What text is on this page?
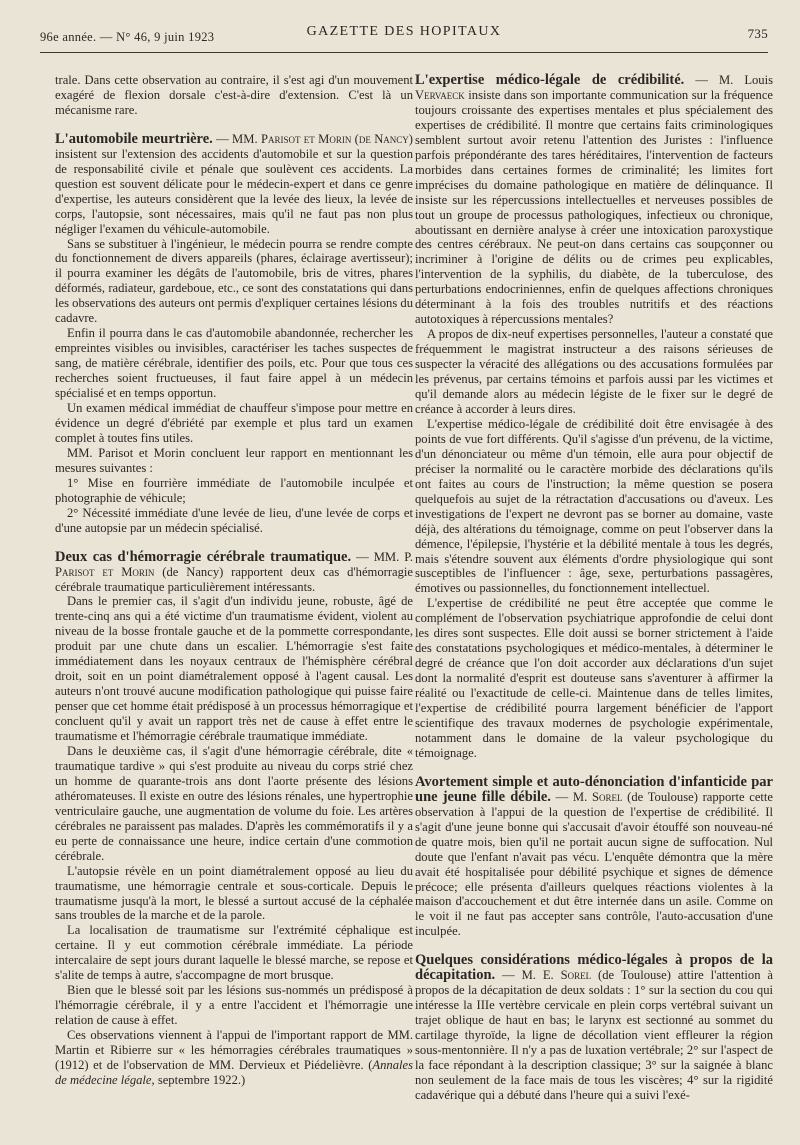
96e année. — N° 46, 9 juin 1923	GAZETTE DES HOPITAUX	735

trale. Dans cette observation au contraire, il s'est agi d'un mouvement exagéré de flexion dorsale c'est-à-dire d'extension. C'est là un mécanisme rare.

L'automobile meurtrière. — MM. Parisot et Morin (de Nancy) insistent sur l'extension des accidents d'automobile et sur la question de responsabilité civile et pénale que soulèvent ces accidents. La question est souvent délicate pour le médecin-expert et dans ce genre d'expertise, les auteurs considèrent que la levée des lieux, la levée de corps, l'autopsie, sont nécessaires, mais qu'il ne faut pas non plus négliger l'examen du véhicule-automobile.

Sans se substituer à l'ingénieur, le médecin pourra se rendre compte du fonctionnement de divers appareils (phares, éclairage avertisseur); il pourra examiner les dégâts de l'automobile, bris de vitres, phares déformés, radiateur, gardeboue, etc., ce sont des constatations qui dans les observations des auteurs ont permis d'expliquer certaines lésions du cadavre.

Enfin il pourra dans le cas d'automobile abandonnée, rechercher les empreintes visibles ou invisibles, caractériser les taches suspectes de sang, de matière cérébrale, identifier des poils, etc. Pour que tous ces recherches soient fructueuses, il faut faire appel à un médecin spécialisé et en temps opportun.

Un examen médical immédiat de chauffeur s'impose pour mettre en évidence un degré d'ébriété par exemple et plus tard un examen complet à toutes fins utiles.

MM. Parisot et Morin concluent leur rapport en mentionnant les mesures suivantes :

1° Mise en fourrière immédiate de l'automobile inculpée et photographie de véhicule;

2° Nécessité immédiate d'une levée de lieu, d'une levée de corps et d'une autopsie par un médecin spécialisé.

Deux cas d'hémorragie cérébrale traumatique. — MM. P. Parisot et Morin (de Nancy) rapportent deux cas d'hémorragie cérébrale traumatique particulièrement intéressants.

Dans le premier cas, il s'agit d'un individu jeune, robuste, âgé de trente-cinq ans qui a été victime d'un traumatisme évident, violent au niveau de la bosse frontale gauche et de la pommette correspondante, produit par une chute dans un escalier. L'hémorragie s'est faite immédiatement dans les noyaux centraux de l'hémisphère cérébral droit, soit en un point diamétralement opposé à l'agent causal. Les auteurs n'ont trouvé aucune modification pathologique qui puisse faire penser que cet homme était prédisposé à un processus hémorragique et concluent qu'il y avait un rapport très net de cause à effet entre le traumatisme et l'hémorragie cérébrale traumatique immédiate.

Dans le deuxième cas, il s'agit d'une hémorragie cérébrale, dite « traumatique tardive » qui s'est produite au niveau du corps strié chez un homme de quarante-trois ans dont l'aorte présente des lésions athéromateuses. Il existe en outre des lésions rénales, une hypertrophie ventriculaire gauche, une augmentation de volume du foie. Les artères cérébrales ne paraissent pas malades. D'après les commémoratifs il y a eu perte de connaissance une heure, indice certain d'une commotion cérébrale.

L'autopsie révèle en un point diamétralement opposé au lieu du traumatisme, une hémorragie centrale et sous-corticale. Depuis le traumatisme jusqu'à la mort, le blessé a surtout accusé de la céphalée sans troubles de la marche et de la parole.

La localisation de traumatisme sur l'extrémité céphalique est certaine. Il y eut commotion cérébrale immédiate. La période intercalaire de sept jours durant laquelle le blessé marche, se repose et s'alite de temps à autre, s'accompagne de mort brusque.

Bien que le blessé soit par les lésions sus-nommés un prédisposé à l'hémorragie cérébrale, il y a entre l'accident et l'hémorragie une relation de cause à effet.

Ces observations viennent à l'appui de l'important rapport de MM. Martin et Ribierre sur « les hémorragies cérébrales traumatiques » (1912) et de l'observation de MM. Dervieux et Piédelièvre. (Annales de médecine légale, septembre 1922.)

L'expertise médico-légale de crédibilité. — M. Louis Vervaeck insiste dans son importante communication sur la fréquence toujours croissante des expertises mentales et plus spécialement des expertises de crédibilité. Il montre que certains faits criminologiques semblent surtout avoir retenu l'attention des Juristes : l'influence parfois prépondérante des tares héréditaires, l'intervention de facteurs morbides dans certaines formes de criminalité; les limites fort imprécises du domaine pathologique en matière de délinquance. Il insiste sur les répercussions intellectuelles et nerveuses possibles de tout un groupe de processus pathologiques, infectieux ou chronique, aboutissant en dernière analyse à créer une intoxication paroxystique des centres cérébraux. Ne peut-on dans certains cas soupçonner ou incriminer à l'origine de délits ou de crimes peu explicables, l'intervention de la syphilis, du diabète, de la tuberculose, des perturbations endocriniennes, enfin de quelques affections chroniques déterminant à la fois des troubles nutritifs et des réactions autotoxiques à répercussions mentales?

A propos de dix-neuf expertises personnelles, l'auteur a constaté que fréquemment le magistrat instructeur a des raisons sérieuses de suspecter la véracité des allégations ou des accusations formulées par les prévenus, par certains témoins et parfois aussi par les victimes et qu'il demande alors au médecin légiste de le fixer sur le degré de créance à accorder à leurs dires.

L'expertise médico-légale de crédibilité doit être envisagée à des points de vue fort différents. Qu'il s'agisse d'un prévenu, de la victime, d'un dénonciateur ou même d'un témoin, elle aura pour objectif de préciser la normalité ou le caractère morbide des déclarations qu'ils ont faites au cours de l'instruction; la même question se posera quelquefois au sujet de la rétractation d'accusations ou d'aveux. Les investigations de l'expert ne devront pas se borner au domaine, vaste déjà, des altérations du témoignage, comme on peut l'observer dans la démence, l'épilepsie, l'hystérie et la débilité mentale à tous les degrés, mais s'étendre souvent aux éléments d'ordre physiologique qui sont susceptibles de l'influencer : âge, sexe, perturbations passagères, émotives ou passionnelles, du fonctionnement intellectuel.

L'expertise de crédibilité ne peut être acceptée que comme le complément de l'observation psychiatrique approfondie de celui dont les dires sont suspectes. Elle doit aussi se borner strictement à l'aide des constatations psychologiques et médico-mentales, à déterminer le degré de créance que l'on doit accorder aux déclarations d'un sujet dont la normalité d'esprit est douteuse sans s'aventurer à affirmer la réalité ou l'exactitude de celle-ci. Maintenue dans de telles limites, l'expertise de crédibilité pourra largement bénéficier de l'apport scientifique des travaux modernes de psychologie expérimentale, notamment dans le domaine de la valeur psychologique du témoignage.

Avortement simple et auto-dénonciation d'infanticide par une jeune fille débile. — M. Sorel (de Toulouse) rapporte cette observation à l'appui de la question de l'expertise de crédibilité. Il s'agit d'une jeune bonne qui s'accusait d'avoir étouffé son nouveau-né de quatre mois, bien qu'il ne portait aucun signe de suffocation. Nul doute que l'enfant n'avait pas vécu. L'enquête démontra que la mère avait été hospitalisée pour débilité psychique et signes de démence précoce; elle présenta d'ailleurs quelques réactions violentes à la maison d'accouchement et dut être internée dans un asile. Comme on le voit il ne faut pas accepter sans contrôle, l'auto-accusation d'une inculpée.

Quelques considérations médico-légales à propos de la décapitation. — M. E. Sorel (de Toulouse) attire l'attention à propos de la décapitation de deux soldats : 1° sur la section du cou qui intéresse la IIIe vertèbre cervicale en plein corps vertébral suivant un trajet oblique de haut en bas; le larynx est sectionné au sommet du cartilage thyroïde, la ligne de décollation vient effleurer la région sous-mentonnière. Il n'y a pas de luxation vertébrale; 2° sur l'aspect de la face répondant à la description classique; 3° sur la saignée à blanc non seulement de la face mais de tous les viscères; 4° sur la rigidité cadavérique qui a débuté dans l'heure qui a suivi l'exé-
